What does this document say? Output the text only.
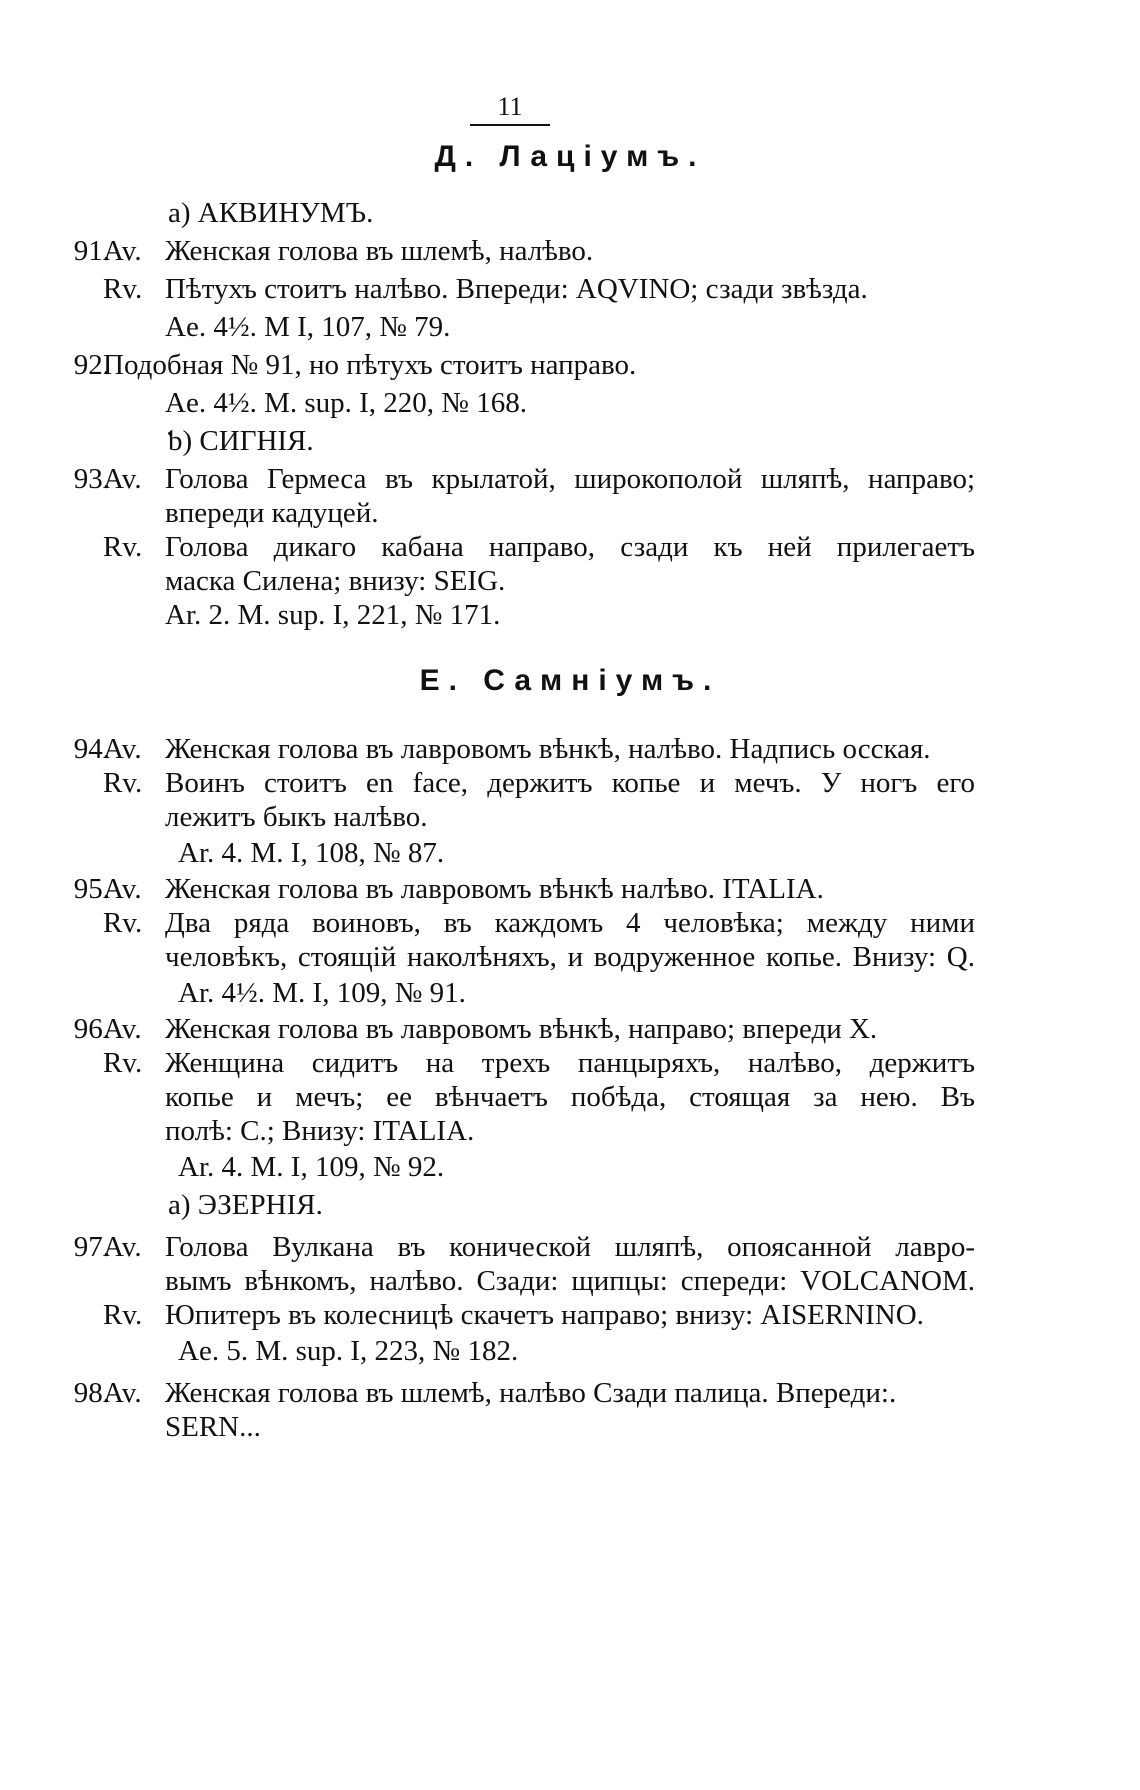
11
Д. Лаціумъ.
а) АКВИНУМЪ.
91.
Av. Женская голова въ шлемѣ, налѣво.
Rv. Пѣтухъ стоитъ налѣво. Впереди: AQVINO; сзади звѣзда.
Ae. 4½. M I, 107, № 79.
92.
Подобная № 91, но пѣтухъ стоитъ направо.
Ae. 4½. M. sup. I, 220, № 168.
ƅ) СИГНІЯ.
93.
Av. Голова Гермеса въ крылатой, широкополой шляпѣ, направо;
впереди кадуцей.
Rv. Голова дикаго кабана направо, сзади къ ней прилегаетъ
маска Силена; внизу: SEIG.
Ar. 2. M. sup. I, 221, № 171.
Е. Самніумъ.
94.
Av. Женская голова въ лавровомъ вѣнкѣ, налѣво. Надпись осская.
Rv. Воинъ стоитъ en face, держитъ копье и мечъ. У ногъ его
лежитъ быкъ налѣво.
Ar. 4. M. I, 108, № 87.
95.
Av. Женская голова въ лавровомъ вѣнкѣ налѣво. ITALIA.
Rv. Два ряда воиновъ, въ каждомъ 4 человѣка; между ними
человѣкъ, стоящій наколѣняхъ, и водруженное копье. Внизу: Q.
Ar. 4½. M. I, 109, № 91.
96.
Av. Женская голова въ лавровомъ вѣнкѣ, направо; впереди X.
Rv. Женщина сидитъ на трехъ панцыряхъ, налѣво, держитъ
копье и мечъ; ее вѣнчаетъ побѣда, стоящая за нею. Въ
полѣ: С.; Внизу: ITALIA.
Ar. 4. M. I, 109, № 92.
а) ЭЗЕРНІЯ.
97.
Av. Голова Вулкана въ конической шляпѣ, опоясанной лавро-
вымъ вѣнкомъ, налѣво. Сзади: щипцы: спереди: VOLCANOM.
Rv. Юпитеръ въ колесницѣ скачетъ направо; внизу: AISERNINO.
Ae. 5. M. sup. I, 223, № 182.
98.
Av. Женская голова въ шлемѣ, налѣво Сзади палица. Впереди:.
SERN...
